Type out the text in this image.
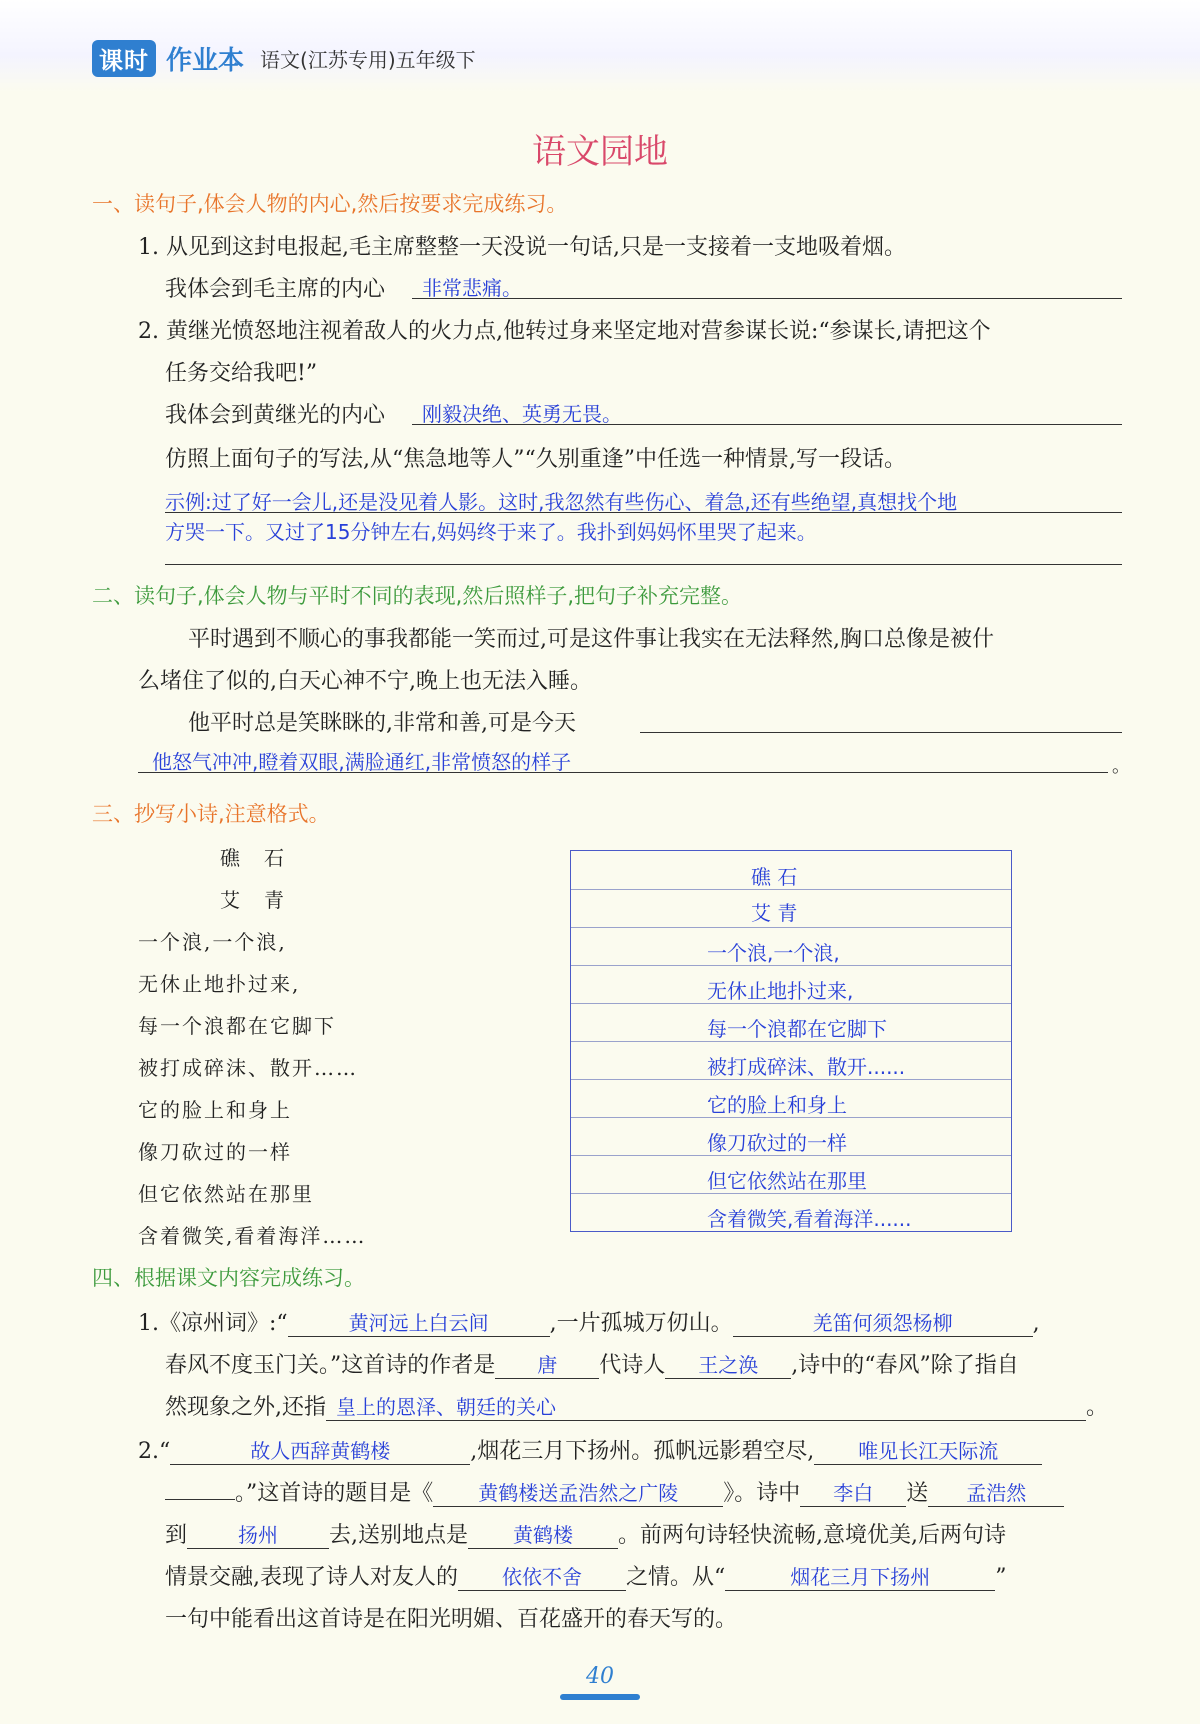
课时 作业本 语文(江苏专用)五年级下
语文园地
一、读句子,体会人物的内心,然后按要求完成练习。
1. 从见到这封电报起,毛主席整整一天没说一句话,只是一支接着一支地吸着烟。
我体会到毛主席的内心 非常悲痛。
2. 黄继光愤怒地注视着敌人的火力点,他转过身来坚定地对营参谋长说:“参谋长,请把这个
任务交给我吧!”
我体会到黄继光的内心 刚毅决绝、英勇无畏。
仿照上面句子的写法,从“焦急地等人”“久别重逢”中任选一种情景,写一段话。
示例:过了好一会儿,还是没见着人影。这时,我忽然有些伤心、着急,还有些绝望,真想找个地
方哭一下。又过了15分钟左右,妈妈终于来了。我扑到妈妈怀里哭了起来。
二、读句子,体会人物与平时不同的表现,然后照样子,把句子补充完整。
平时遇到不顺心的事我都能一笑而过,可是这件事让我实在无法释然,胸口总像是被什
么堵住了似的,白天心神不宁,晚上也无法入睡。
他平时总是笑眯眯的,非常和善,可是今天
他怒气冲冲,瞪着双眼,满脸通红,非常愤怒的样子	。
三、抄写小诗,注意格式。
礁　石
艾　青
一个浪,一个浪,
无休止地扑过来,
每一个浪都在它脚下
被打成碎沫、散开……
它的脸上和身上
像刀砍过的一样
但它依然站在那里
含着微笑,看着海洋……
礁 石
艾 青
一个浪,一个浪,
无休止地扑过来,
每一个浪都在它脚下
被打成碎沫、散开......
它的脸上和身上
像刀砍过的一样
但它依然站在那里
含着微笑,看着海洋......
四、根据课文内容完成练习。
1.《凉州词》:“	黄河远上白云间	,一片孤城万仞山。	羌笛何须怨杨柳	,
春风不度玉门关。”这首诗的作者是 唐 代诗人 王之涣 ,诗中的“春风”除了指自
然现象之外,还指 皇上的恩泽、朝廷的关心	。
2.“	故人西辞黄鹤楼	,烟花三月下扬州。孤帆远影碧空尽, 唯见长江天际流
。”这首诗的题目是《 黄鹤楼送孟浩然之广陵 》。诗中 李白 送 孟浩然
到	扬州 去,送别地点是 黄鹤楼 。前两句诗轻快流畅,意境优美,后两句诗
情景交融,表现了诗人对友人的 依依不舍 之情。从“	烟花三月下扬州	”
一句中能看出这首诗是在阳光明媚、百花盛开的春天写的。
40
